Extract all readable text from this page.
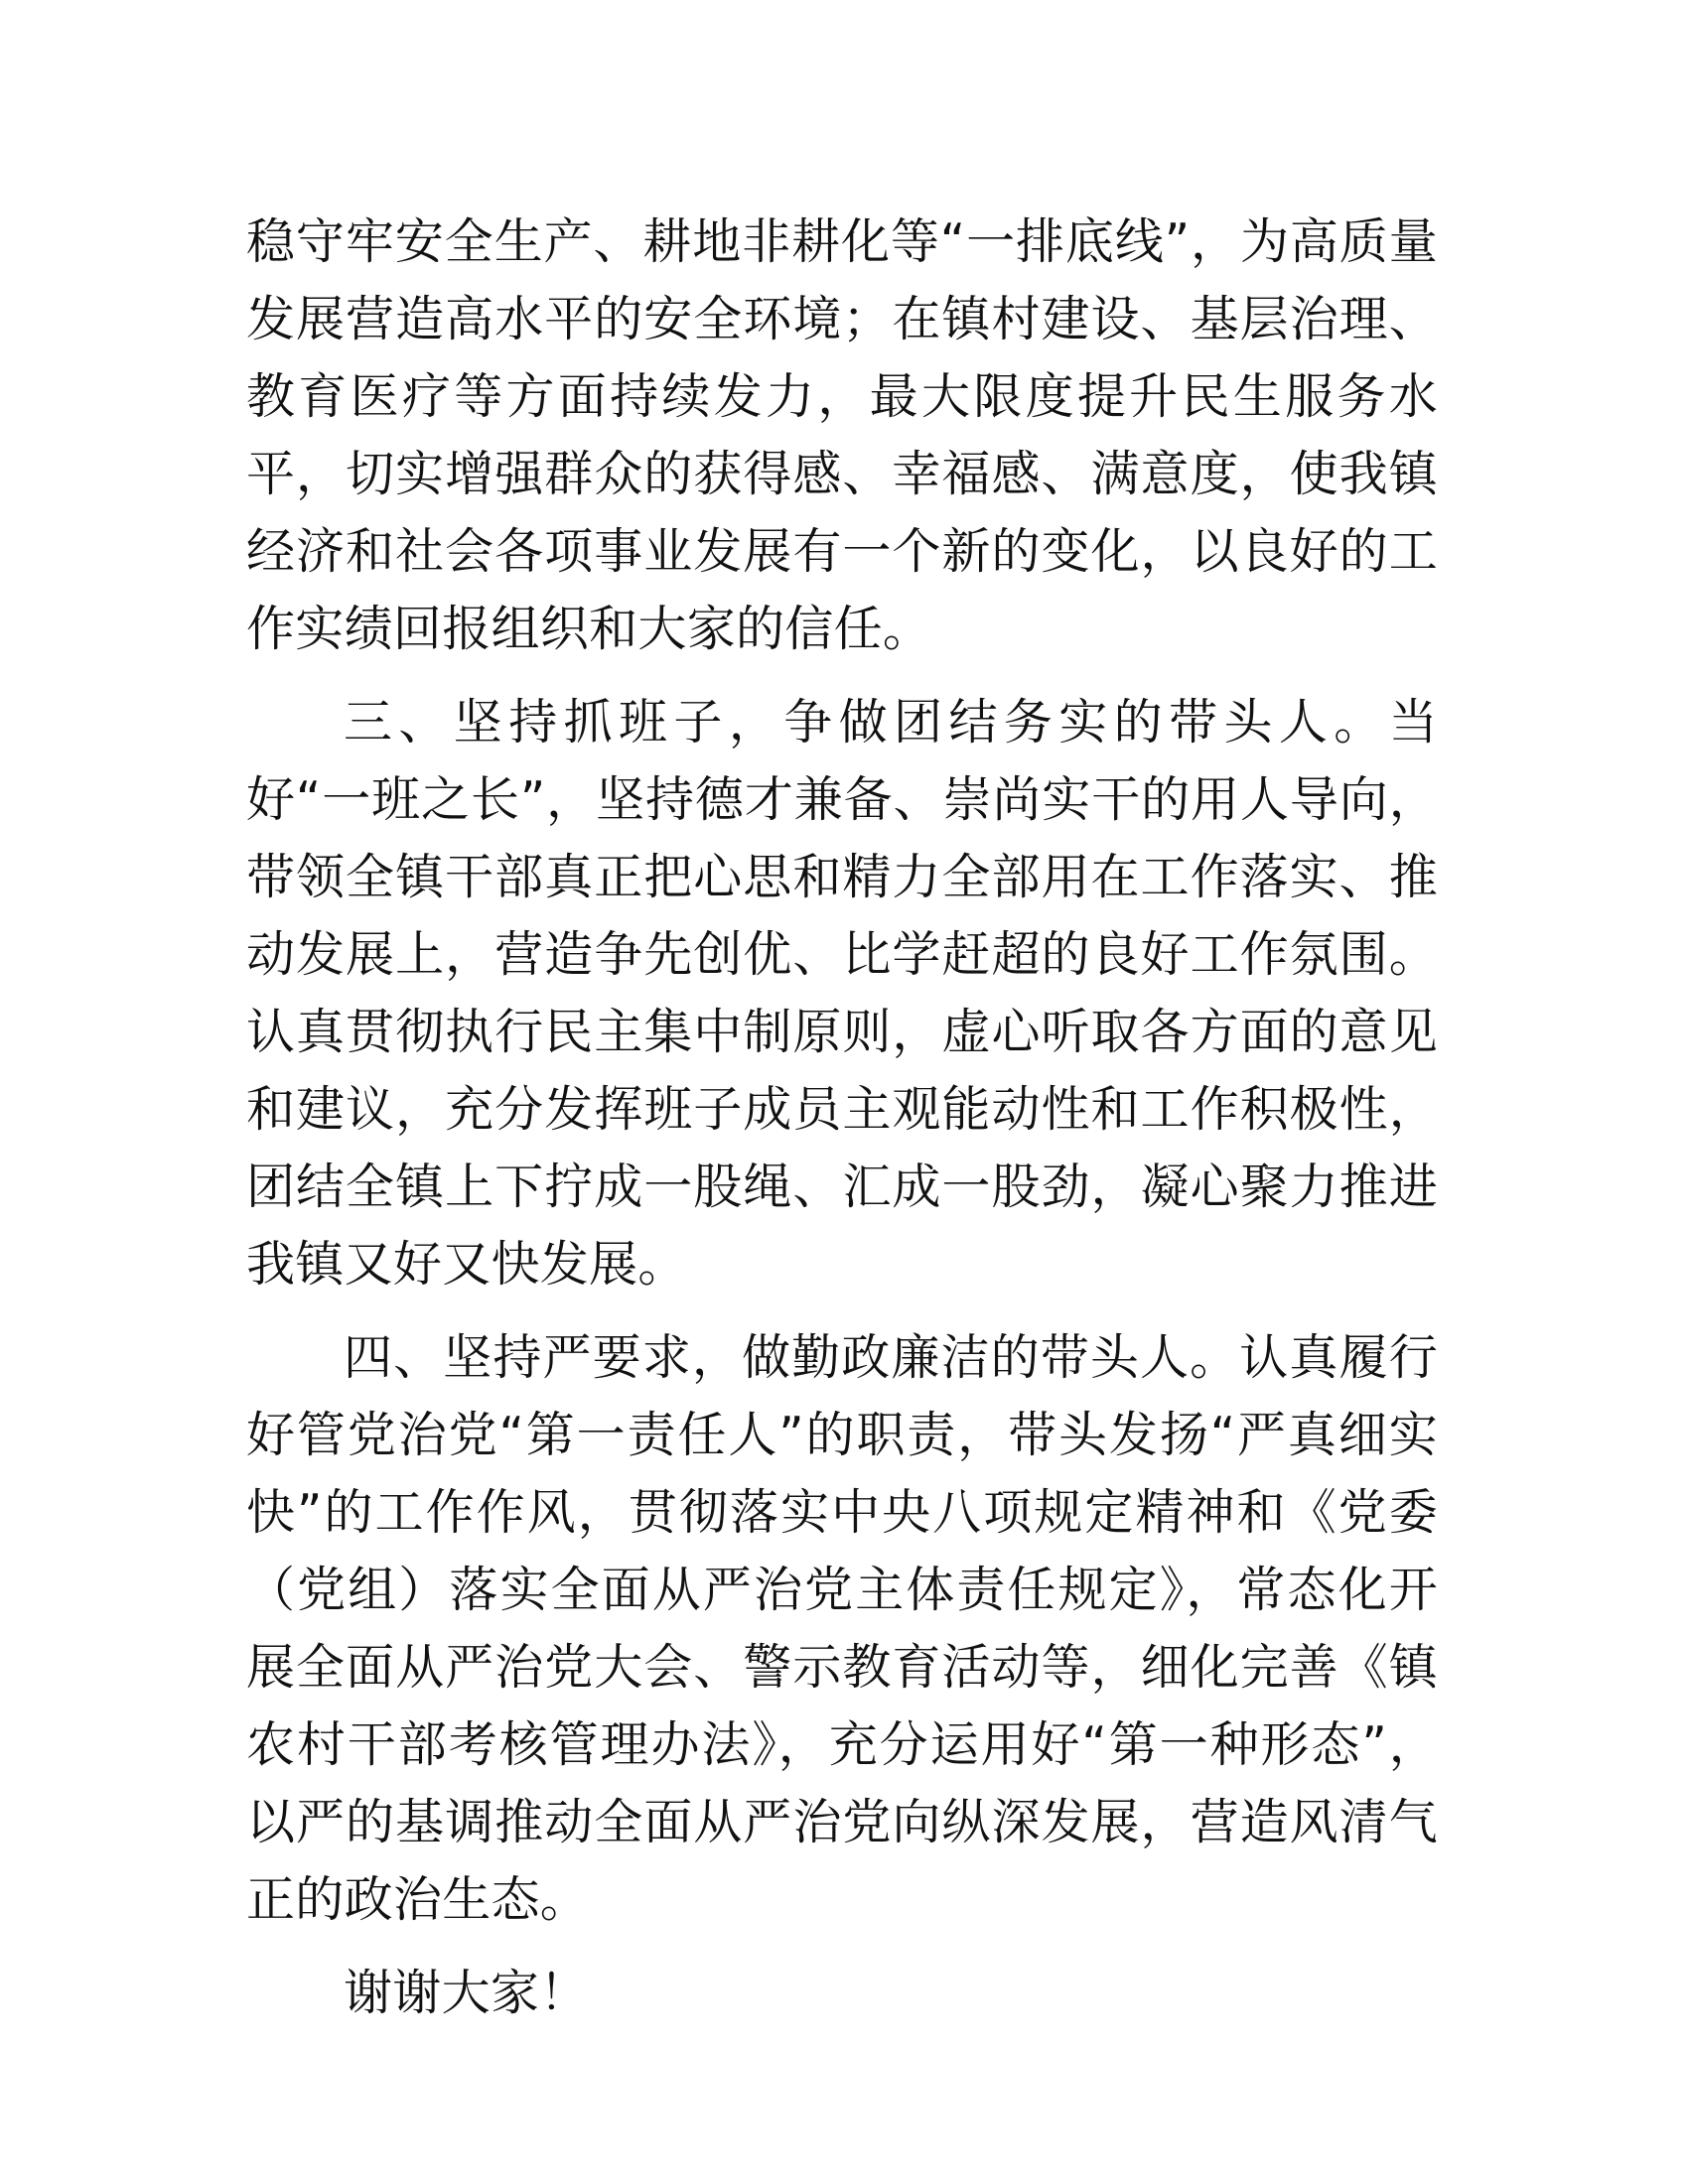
稳守牢安全生产、耕地非耕化等“一排底线”，为高质量发展营造高水平的安全环境；在镇村建设、基层治理、教育医疗等方面持续发力，最大限度提升民生服务水平，切实增强群众的获得感、幸福感、满意度，使我镇经济和社会各项事业发展有一个新的变化，以良好的工作实绩回报组织和大家的信任。

三、坚持抓班子，争做团结务实的带头人。当好“一班之长”，坚持德才兼备、崇尚实干的用人导向，带领全镇干部真正把心思和精力全部用在工作落实、推动发展上，营造争先创优、比学赶超的良好工作氛围。认真贯彻执行民主集中制原则，虚心听取各方面的意见和建议，充分发挥班子成员主观能动性和工作积极性，团结全镇上下拧成一股绳、汇成一股劲，凝心聚力推进我镇又好又快发展。

四、坚持严要求，做勤政廉洁的带头人。认真履行好管党治党“第一责任人”的职责，带头发扬“严真细实快”的工作作风，贯彻落实中央八项规定精神和《党委（党组）落实全面从严治党主体责任规定》，常态化开展全面从严治党大会、警示教育活动等，细化完善《镇农村干部考核管理办法》，充分运用好“第一种形态”，以严的基调推动全面从严治党向纵深发展，营造风清气正的政治生态。

谢谢大家！
